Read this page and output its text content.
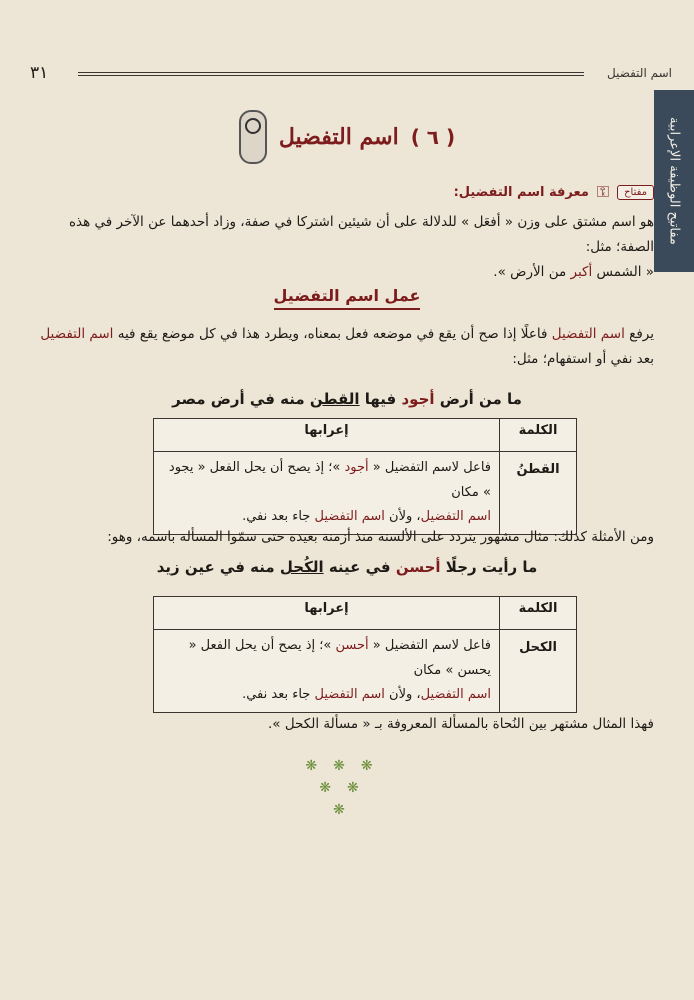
٣١	اسم التفضيل
مفاتيح الوظيفة الإعرابية
( ٦ )
اسم التفضيل
مفتاح
⚿
معرفة اسم التفضيل:
هو اسم مشتق على وزن « أفعَل » للدلالة على أن شيئين اشتركا في صفة، وزاد أحدهما عن الآخر في هذه الصفة؛ مثل:
« الشمس أكبر من الأرض ».
عمل اسم التفضيل
يرفع اسم التفضيل فاعلًا إذا صح أن يقع في موضعه فعل بمعناه، ويطرد هذا في كل موضع يقع فيه اسم التفضيل بعد نفي أو استفهام؛ مثل:
ما من أرض أجود فيها القطن منه في أرض مصر
الكلمة	إعرابها
القطنُ	فاعل لاسم التفضيل « أجود »؛ إذ يصح أن يحل الفعل « يجود » مكان
اسم التفضيل، ولأن اسم التفضيل جاء بعد نفي.
ومن الأمثلة كذلك: مثال مشهور يتردد على الألسنة منذ أزمنة بعيدة حتى سمّوا المسألة باسمه، وهو:
ما رأيت رجلًا أحسن في عينه الكُحل منه في عين زيد
الكلمة	إعرابها
الكحل	فاعل لاسم التفضيل « أحسن »؛ إذ يصح أن يحل الفعل « يحسن » مكان
اسم التفضيل، ولأن اسم التفضيل جاء بعد نفي.
فهذا المثال مشتهر بين النُحاة بالمسألة المعروفة بـ « مسألة الكحل ».
❋❋❋
❋❋
❋
